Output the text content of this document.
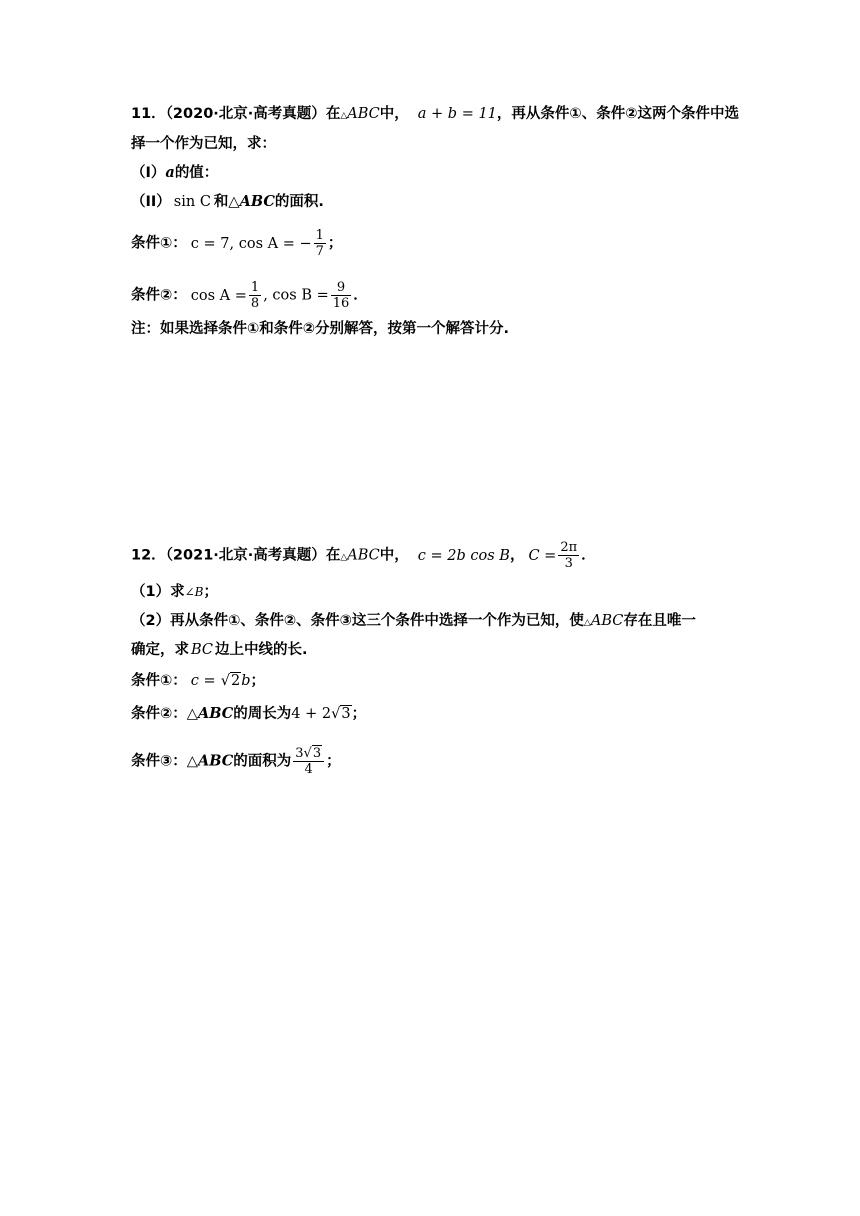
11．（2020·北京·高考真题）在△ABC中， a + b = 11，再从条件①、条件②这两个条件中选
择一个作为已知，求：
（I）a的值：
（II） sin C 和△ABC的面积.
条件①： c = 7, cos A = − $\frac{1}{7}$ ；
条件②： $\cos A = \frac{1}{8}$ , $\cos B = \frac{9}{16}$ ．
注：如果选择条件①和条件②分别解答，按第一个解答计分.
12．（2021·北京·高考真题）在△ABC中， c = 2b cos B， $C = \frac{2\pi}{3}$ ．
（1）求∠B；
（2）再从条件①、条件②、条件③这三个条件中选择一个作为已知，使△ABC存在且唯一
确定，求 BC 边上中线的长.
条件①： c = √2b；
条件②：△ABC的周长为4 + 2√3；
条件③：△ABC的面积为 $\frac{3√3}{4}$ ；
